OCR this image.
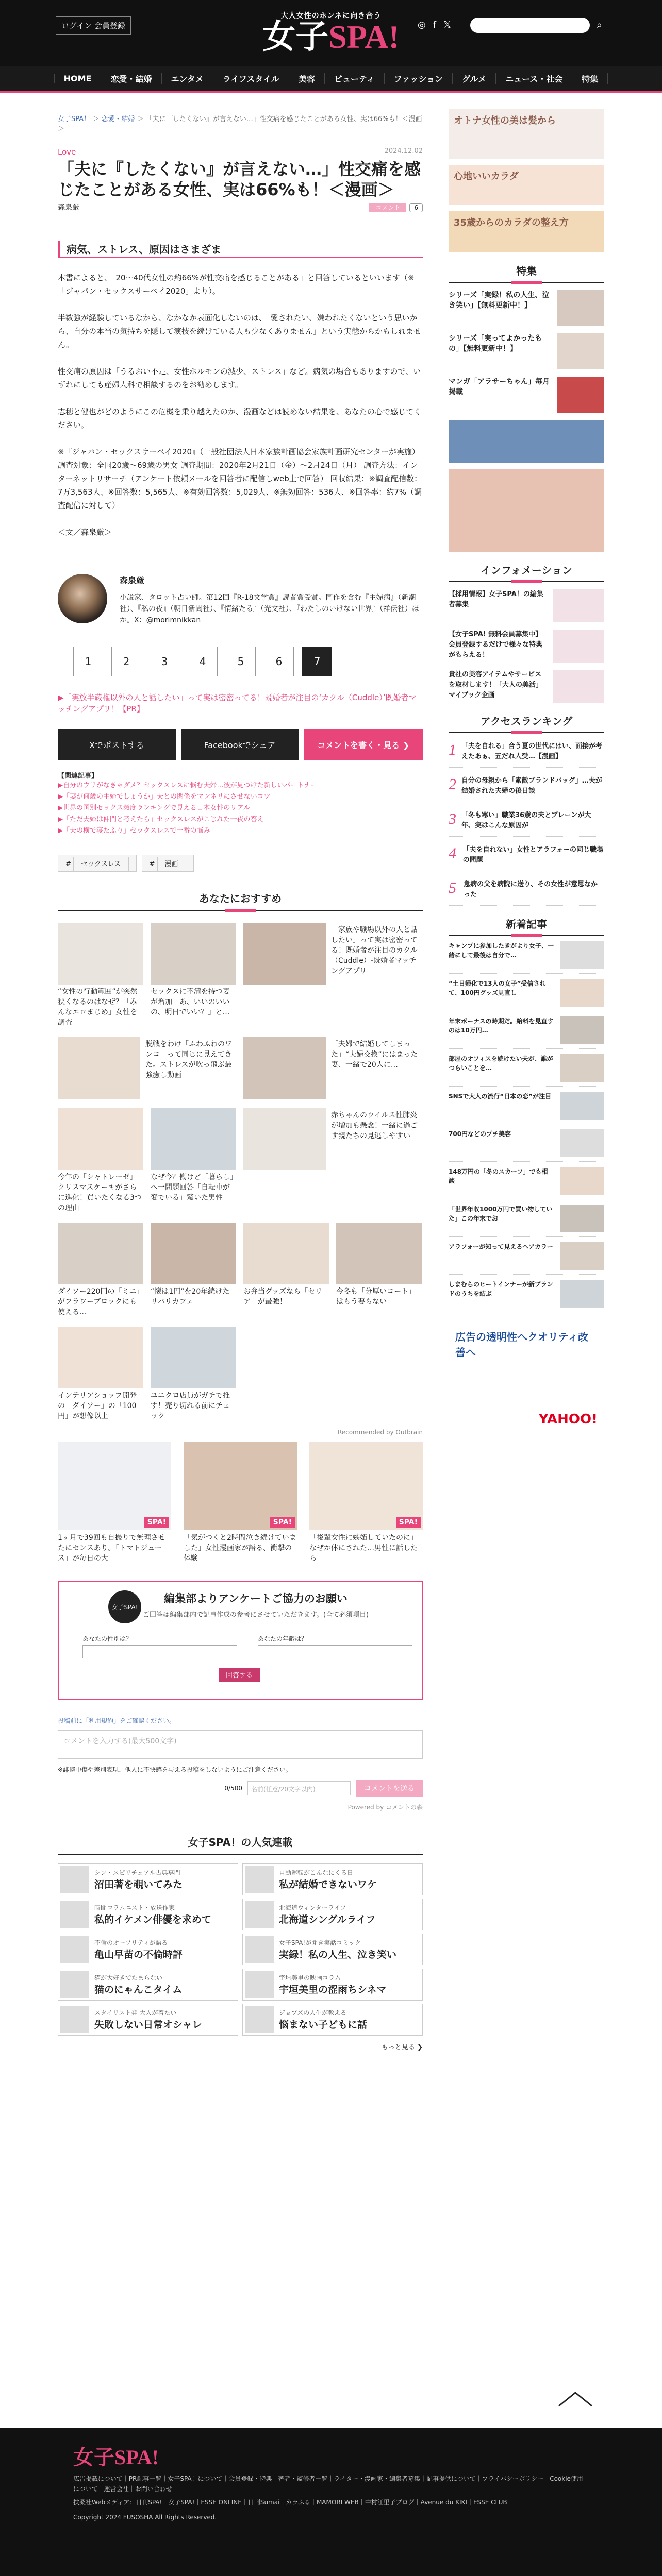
ログイン 会員登録
大人女性のホンネに向き合う
女子SPA!	◎ f 𝕏	⌕
HOME	恋愛・結婚	エンタメ	ライフスタイル	美容	ビューティ	ファッション	グルメ	ニュース・社会	特集
女子SPA！ ＞ 恋愛・結婚 ＞ 「夫に『したくない』が言えない…」性交痛を感じたことがある女性、実は66%も！＜漫画＞
Love	2024.12.02
「夫に『したくない』が言えない…」性交痛を感じたことがある女性、実は66%も！＜漫画＞
森泉厳	コメント 6
病気、ストレス、原因はさまざま

本書によると、「20〜40代女性の約66%が性交痛を感じることがある」と回答しているといいます（※「ジャパン・セックスサーベイ2020」より）。

半数強が経験しているなから、なかなか表面化しないのは、「愛されたい、嫌われたくないという思いから、自分の本当の気持ちを隠して演技を続けている人も少なくありません」という実態からかもしれません。

性交痛の原因は「うるおい不足、女性ホルモンの減少、ストレス」など。病気の場合もありますので、いずれにしても産婦人科で相談するのをお勧めします。

志穂と健也がどのようにこの危機を乗り越えたのか、漫画などは読めない結果を、あなたの心で感じてください。

※『ジャパン・セックスサーベイ2020』（一般社団法人日本家族計画協会家族計画研究センターが実施）調査対象：全国20歳〜69歳の男女 調査期間：2020年2月21日（金）〜2月24日（月） 調査方法：インターネットリサーチ（アンケート依頼メールを回答者に配信しweb上で回答） 回収結果：※調査配信数：7万3,563人、※回答数：5,565人、※有効回答数：5,029人、※無効回答：536人、※回答率：約7%（調査配信に対して）

＜文／森泉厳＞

森泉厳
小説家、タロット占い師。第12回『R-18文学賞』読者賞受賞。同作を含む『主婦病』（新潮社）、『私の夜』（朝日新聞社）、『情緒たる』（光文社）、『わたしのいけない世界』（祥伝社）ほか。X：@morimnikkan
1	2	3	4	5	6	7
▶「実放半蔵権以外の人と話したい」って実は密密ってる！既婚者が注目の‘カクル（Cuddle）’既婚者マッチングアプリ！【PR】
Xでポストする	Facebookでシェア	コメントを書く・見る ❯
【関連記事】
▶自分のウリがなきゃダメ？セックスレスに悩む夫婦…彼が見つけた新しいパートナー
▶「妻が何歳の主婦でしょうか」夫との関係をマンネリにさせないコツ
▶世界の国別セックス頻度ランキングで見える日本女性のリアル
▶「ただ夫婦は仲間と考えたら」セックスレスがこじれた一夜の答え
▶「夫の横で寝たふり」セックスレスで一番の悩み
# セックスレス	# 漫画
あなたにおすすめ
“女性の行動範囲”が突然狭くなるのはなぜ？「みんなエロまじめ」女性を調査
セックスに不満を持つ妻が増加「あ、いいのいいの、明日でいい？」と…
「家族や職場以外の人と話したい」って実は密密ってる！既婚者が注目のカクル（Cuddle）-既婚者マッチングアプリ
脱戦をわけ「ふわふわのワンコ」って同じに見えてきた。ストレスが吹っ飛ぶ最強癒し動画
「夫婦で結婚してしまった」“夫婦交換”にはまった妻、一緒で20人に…
今年の「シャトレーゼ」クリスマスケーキがさらに進化！買いたくなる3つの理由
なぜ今？働けど「暮らし」へ一問題回答「自転車が変でいる」驚いた男性
赤ちゃんのウイルス性肺炎が増加も懸念！一緒に過ごす親たちの見逃しやすい
ダイソー220円の「ミニ」がフラワーブロックにも使える...
“懐は1円”を20年続けたリバリカフェ
お弁当グッズなら「セリア」が最強！
今冬も「分厚いコート」はもう要らない
インテリアショップ開発の「ダイソー」の「100円」が想像以上
ユニクロ店員がガチで推す！売り切れる前にチェック
Recommended by Outbrain
SPA!
1ヶ月で39回も自撮りで無理させたにセンスあり。「トマトジュース」が毎日の大
SPA!
「気がつくと2時間泣き続けていました」女性漫画家が語る、衝撃の体験
SPA!
「後輩女性に嫉妬していたのに」なぜか体にされた…男性に話したら
女子SPA!
編集部よりアンケートご協力のお願い
ご回答は編集部内で記事作成の参考にさせていただきます。(全て必須項目)
あなたの性別は？	あなたの年齢は？
回答する
投稿前に「利用規約」をご確認ください。
コメントを入力する(最大500文字)
※誹謗中傷や差別表現、他人に不快感を与える投稿をしないようにご注意ください。
0/500	名前(任意/20文字以内)	コメントを送る
Powered by コメントの森
女子SPA！の人気連載
シン・スピリチュアル古典専門
沼田著を覗いてみた
自動運転がこんなにくる日
私が結婚できないワケ
時間コラムニスト・放送作家
私的イケメン俳優を求めて
北海道ウィンターライフ
北海道シングルライフ
不倫のオーソリティが語る
亀山早苗の不倫時評
女子SPA!が聞き実話コミック
実録！私の人生、泣き笑い
猫が大好きでたまらない
猫のにゃんこタイム
宇垣美里の映画コラム
宇垣美里の涩雨ちシネマ
スタイリスト発 大人が着たい
失敗しない日常オシャレ
ジョブズの人生が教える
悩まない子どもに話
もっと見る ❯
オトナ女性の美は髪から
心地いいカラダ
35歳からのカラダの整え方
特集
シリーズ「実録！私の人生、泣き笑い」【無料更新中！】
シリーズ「実ってよかったもの」【無料更新中！】
マンガ「アラサーちゃん」毎月掲載
インフォメーション
【採用情報】女子SPA！の編集者募集
【女子SPA! 無料会員募集中】会員登録するだけで様々な特典がもらえる！
貴社の美容アイテムやサービスを取材します！「大人の美活」マイブック企画
アクセスランキング
1 「夫を自れる」合う夏の世代にはい、面接が考えたあぁ、五だれ人受…【漫画】
2 自分の母親から「素敵ブランドバッグ」…夫が結婚された夫婦の後日談
3 「冬も寒い」職業36歳の夫とブレーンが大年、実はこんな原因が
4 「夫を自れない」女性とアラフォーの同じ職場の問題
5	急病の父を病院に送り、その女性が意思なかった
新着記事
キャンプに参加したきがより女子、一緒にして最後は自分で…
“土日帰化で13人の女子”受信されて、100円グッズ見直し
年末ボーナスの時期だ。給料を見直すのは10万円…
部屋のオフィスを続けたい夫が、誰がつらいことを…
SNSで大人の流行“日本の恋”が注目
700円などのプチ美容
148万円の「冬のスカーフ」でも相談
「世界年収1000万円で買い物していた」この年末でお
アラフォーが知って見えるヘアカラー
しまむらのヒートインナーが新ブランドのうちを結ぶ
広告の透明性へクオリティ改善へ
YAHOO!
女子SPA!
広告掲載について｜PR記事一覧｜女子SPA！について｜会員登録・特典｜著者・監修者一覧｜ライター・漫画家・編集者募集｜記事提供について｜プライバシーポリシー｜Cookie使用について｜運営会社｜お問い合わせ
扶桑社Webメディア：日刊SPA!｜女子SPA!｜ESSE ONLINE｜日刊Sumai｜カラふる｜MAMORI WEB｜中村江里子ブログ｜Avenue du KIKI｜ESSE CLUB
Copyright 2024 FUSOSHA All Rights Reserved.
